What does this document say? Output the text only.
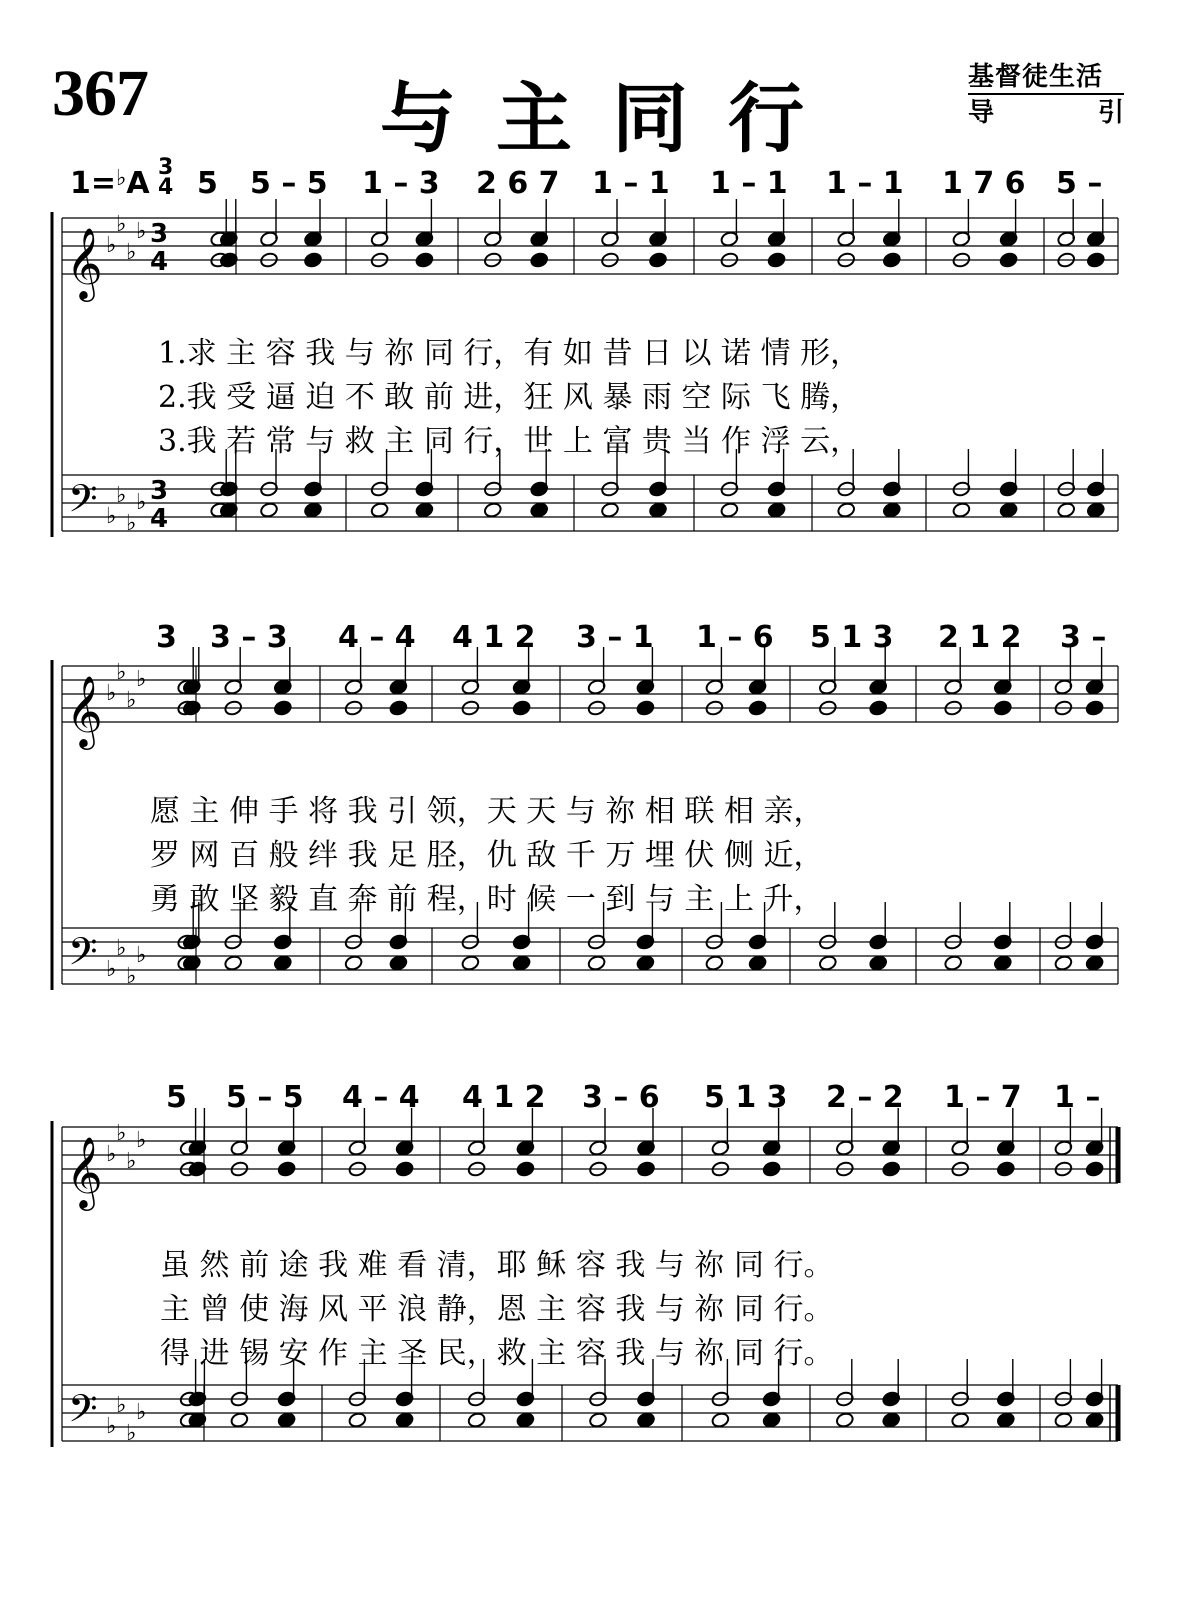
367	与主同行	基督徒生活
导	引
𝄞
𝄢
♭
♭
♭
♭
♭
♭
♭
♭
3
4
3
4
𝄞
𝄢
♭
♭
♭
♭
♭
♭
♭
♭
𝄞
𝄢
♭
♭
♭
♭
♭
♭
♭
♭
1=♭A 3
4 5 5 – 5 1 – 3 2 6 7 1 – 1 1 – 1 1 – 1 1 7 6 5 –
1.求 主 容 我 与 祢 同 行，有 如 昔 日 以 诺 情 形，
2.我 受 逼 迫 不 敢 前 进，狂 风 暴 雨 空 际 飞 腾，
3.我 若 常 与 救 主 同 行，世 上 富 贵 当 作 浮 云，
3 3 – 3 4 – 4 4 1 2 3 – 1 1 – 6 5 1 3 2 1 2 3 –
愿 主 伸 手 将 我 引 领，天 天 与 祢 相 联 相 亲，
罗 网 百 般 绊 我 足 胫，仇 敌 千 万 埋 伏 侧 近，
勇 敢 坚 毅 直 奔 前 程，时 候 一 到 与 主 上 升，
5 5 – 5 4 – 4 4 1 2 3 – 6 5 1 3 2 – 2 1 – 7 1 –
虽 然 前 途 我 难 看 清，耶 稣 容 我 与 祢 同 行。
主 曾 使 海 风 平 浪 静，恩 主 容 我 与 祢 同 行。
得 进 锡 安 作 主 圣 民，救 主 容 我 与 祢 同 行。
